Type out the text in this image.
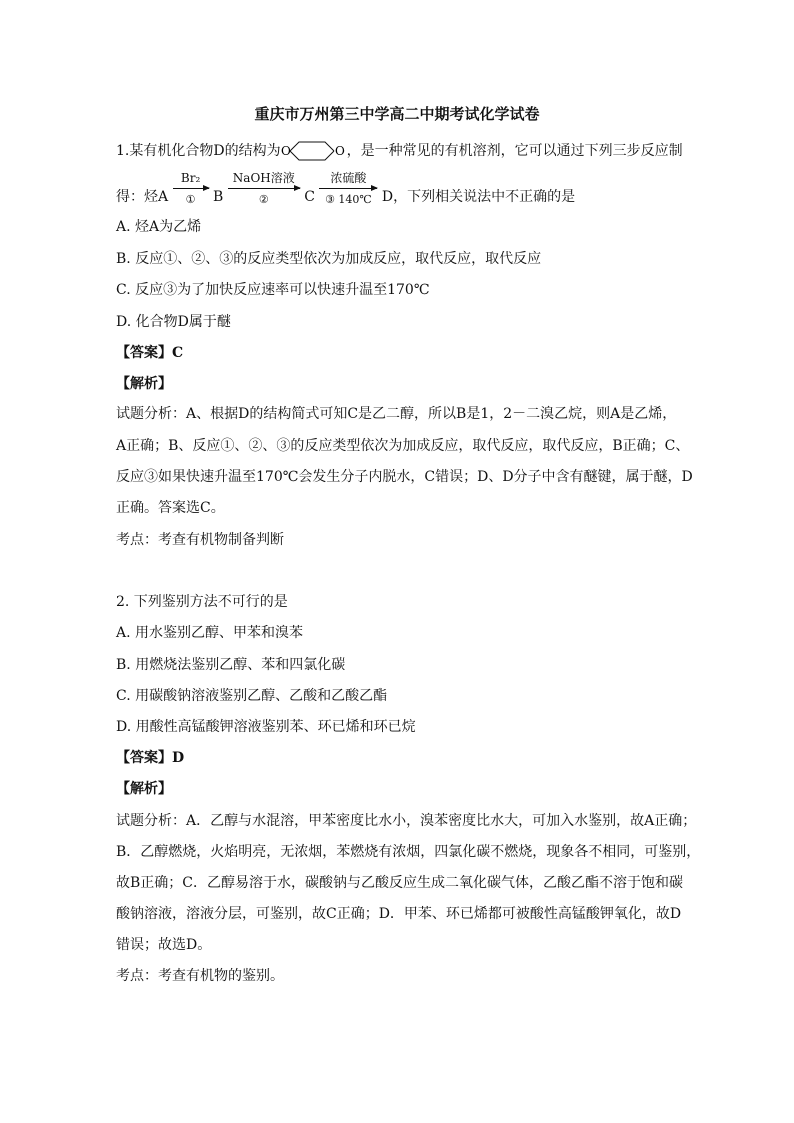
重庆市万州第三中学高二中期考试化学试卷
1.某有机化合物D的结构为 O	O ，是一种常见的有机溶剂，它可以通过下列三步反应制
得：烃A
Br₂
①	B
NaOH溶液
②	C
浓硫酸
③ 140℃ D，下列相关说法中不正确的是
A. 烃A为乙烯
B. 反应①、②、③的反应类型依次为加成反应，取代反应，取代反应
C. 反应③为了加快反应速率可以快速升温至170℃
D. 化合物D属于醚
【答案】C
【解析】
试题分析：A、根据D的结构简式可知C是乙二醇，所以B是1，2－二溴乙烷，则A是乙烯，
A正确；B、反应①、②、③的反应类型依次为加成反应，取代反应，取代反应，B正确；C、
反应③如果快速升温至170℃会发生分子内脱水，C错误；D、D分子中含有醚键，属于醚，D
正确。答案选C。
考点：考查有机物制备判断
2. 下列鉴别方法不可行的是
A. 用水鉴别乙醇、甲苯和溴苯
B. 用燃烧法鉴别乙醇、苯和四氯化碳
C. 用碳酸钠溶液鉴别乙醇、乙酸和乙酸乙酯
D. 用酸性高锰酸钾溶液鉴别苯、环已烯和环已烷
【答案】D
【解析】
试题分析：A．乙醇与水混溶，甲苯密度比水小，溴苯密度比水大，可加入水鉴别，故A正确；
B．乙醇燃烧，火焰明亮，无浓烟，苯燃烧有浓烟，四氯化碳不燃烧，现象各不相同，可鉴别，
故B正确；C．乙醇易溶于水，碳酸钠与乙酸反应生成二氧化碳气体，乙酸乙酯不溶于饱和碳
酸钠溶液，溶液分层，可鉴别，故C正确；D．甲苯、环已烯都可被酸性高锰酸钾氧化，故D
错误；故选D。
考点：考查有机物的鉴别。
